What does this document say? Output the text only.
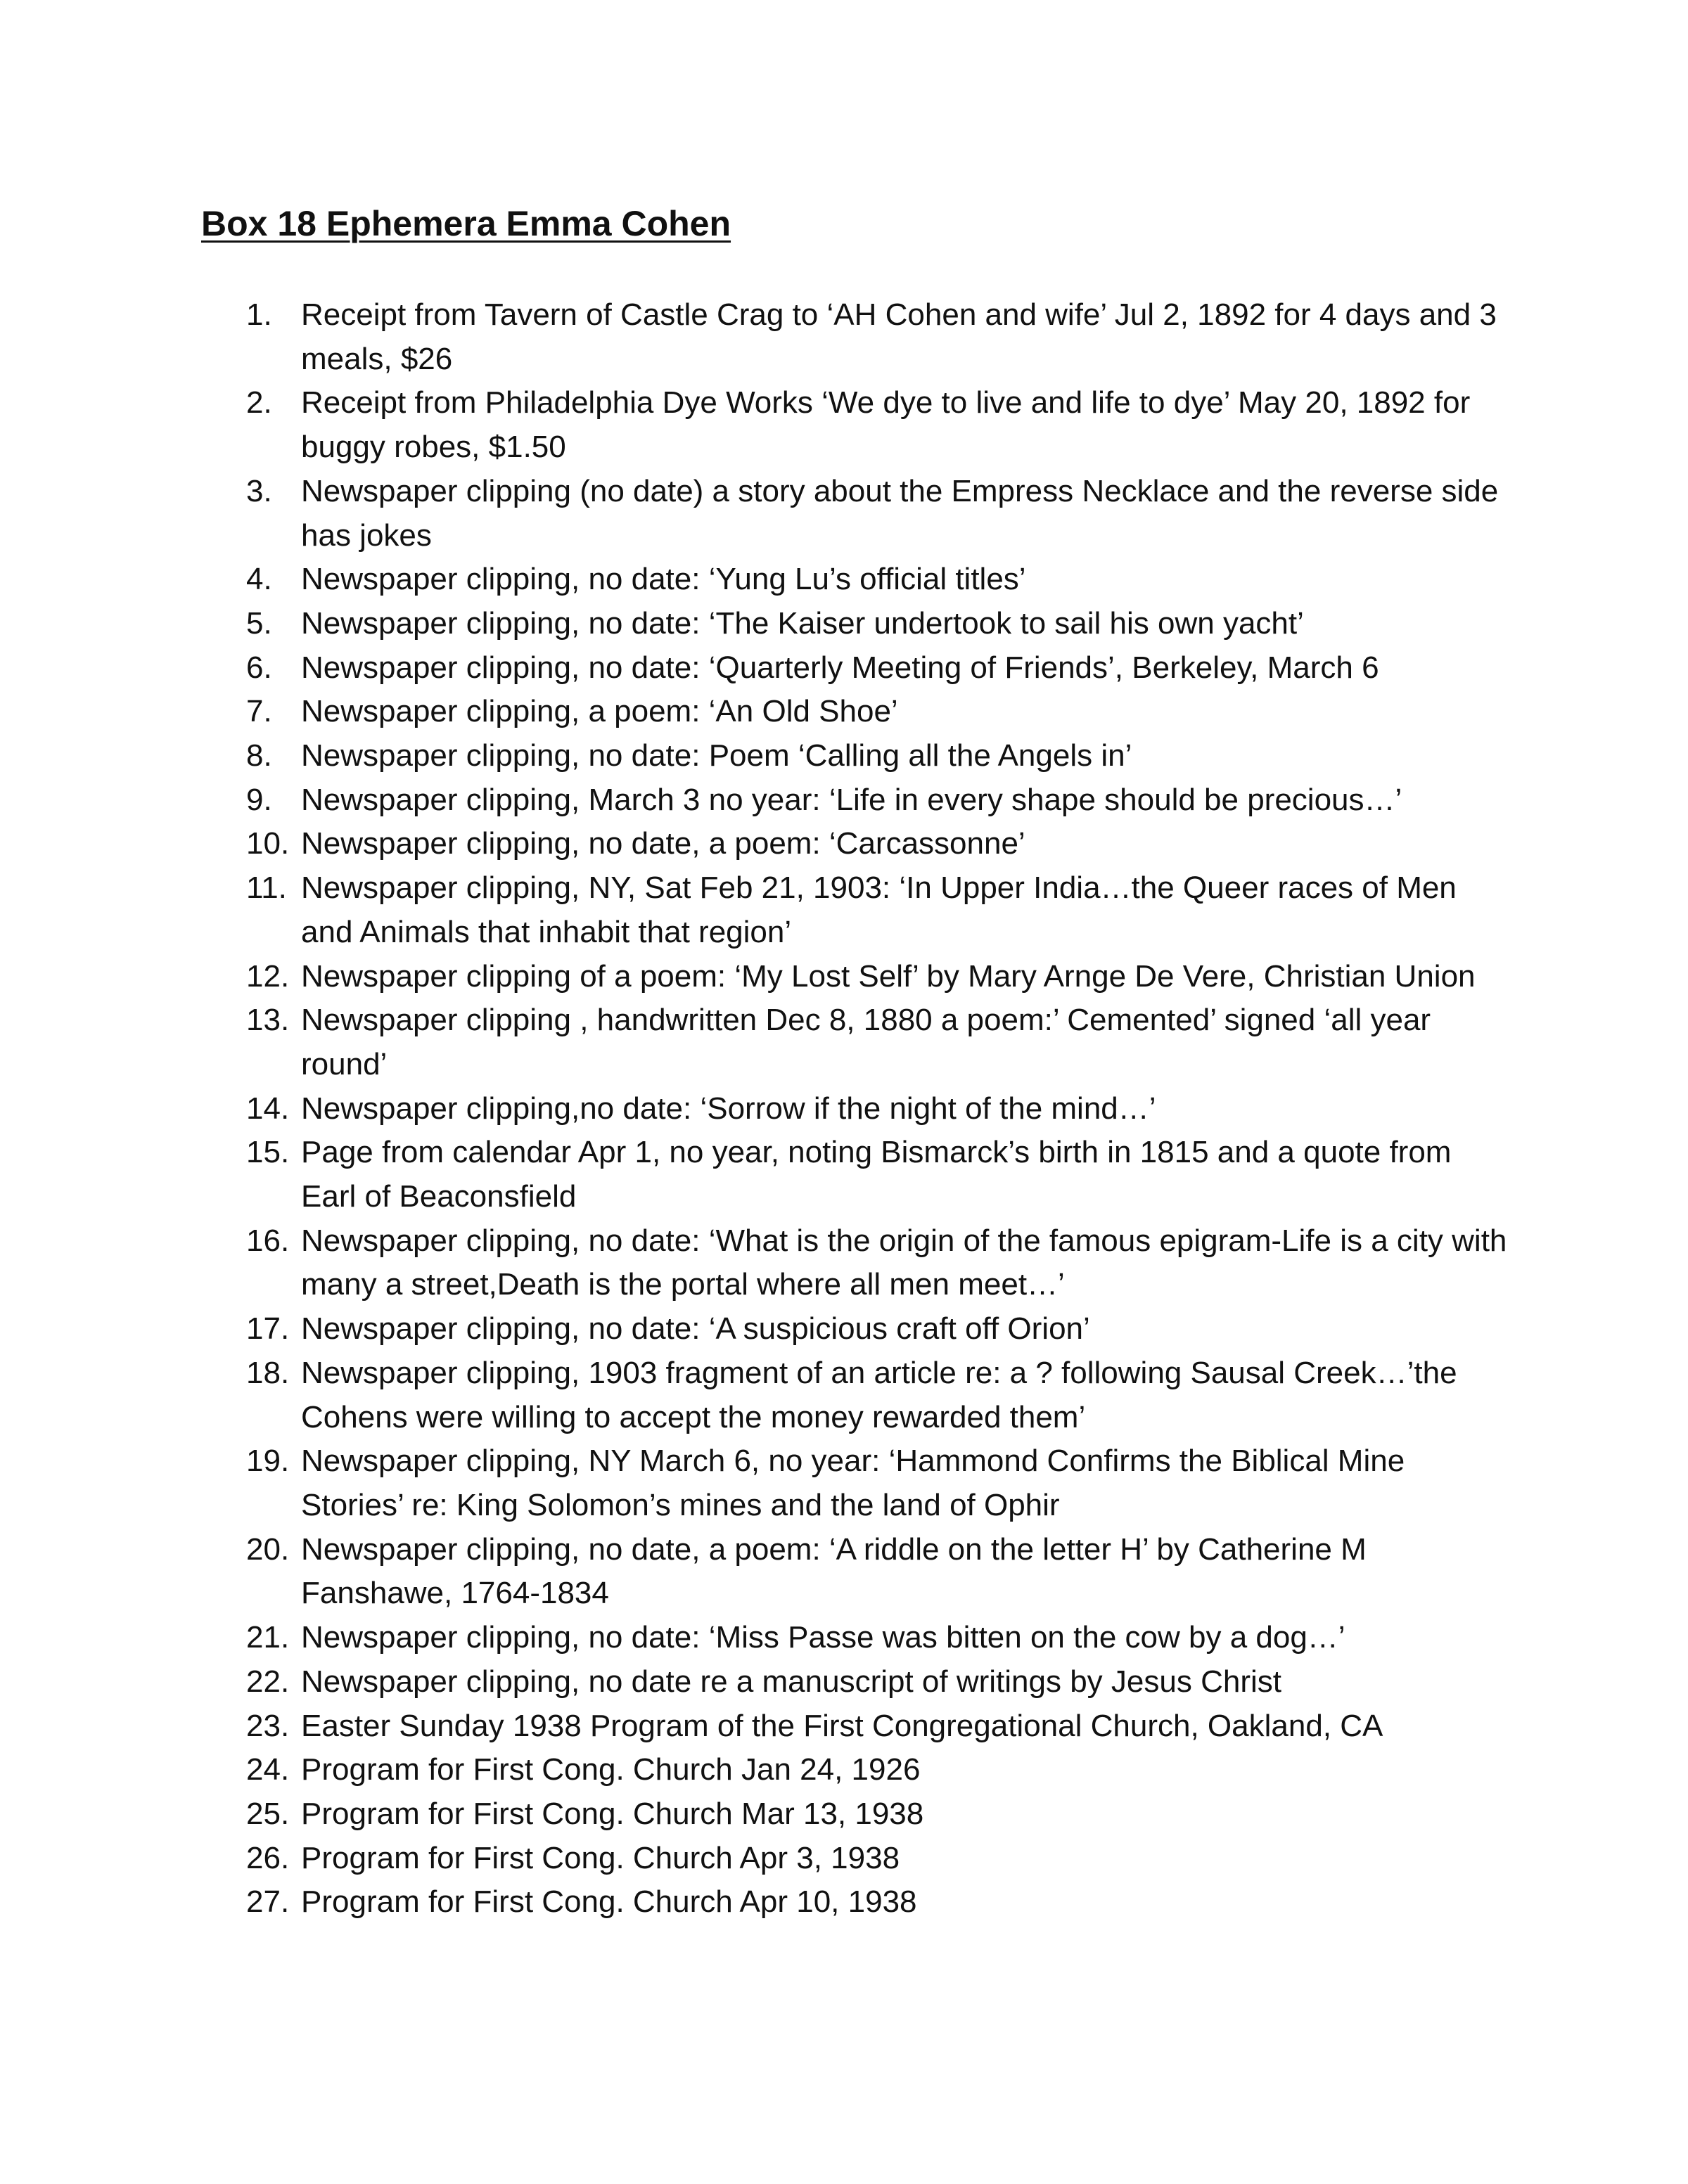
Box 18 Ephemera Emma Cohen
1. Receipt from Tavern of Castle Crag to ‘AH Cohen and wife’ Jul 2, 1892 for 4 days and 3 meals, $26
2. Receipt from Philadelphia Dye Works ‘We dye to live and life to dye’ May 20, 1892 for buggy robes, $1.50
3. Newspaper clipping (no date) a story about the Empress Necklace and the reverse side has jokes
4. Newspaper clipping, no date: ‘Yung Lu’s official titles’
5. Newspaper clipping, no date: ‘The Kaiser undertook to sail his own yacht’
6. Newspaper clipping, no date: ‘Quarterly Meeting of Friends’, Berkeley, March 6
7. Newspaper clipping, a poem: ‘An Old Shoe’
8. Newspaper clipping, no date: Poem ‘Calling all the Angels in’
9. Newspaper clipping, March 3 no year: ‘Life in every shape should be precious…’
10. Newspaper clipping, no date, a poem: ‘Carcassonne’
11. Newspaper clipping, NY, Sat Feb 21, 1903: ‘In Upper India…the Queer races of Men and Animals that inhabit that region’
12. Newspaper clipping of a poem: ‘My Lost Self’ by Mary Arnge De Vere, Christian Union
13. Newspaper clipping , handwritten Dec 8, 1880 a poem:’ Cemented’ signed ‘all year round’
14. Newspaper clipping,no date: ‘Sorrow if the night of the mind…’
15. Page from calendar Apr 1, no year, noting Bismarck’s birth in 1815 and a quote from Earl of Beaconsfield
16. Newspaper clipping, no date: ‘What is the origin of the famous epigram-Life is a city with many a street,Death is the portal where all men meet…’
17. Newspaper clipping, no date: ‘A suspicious craft off Orion’
18. Newspaper clipping, 1903 fragment of an article re: a ? following Sausal Creek…’the Cohens were willing to accept the money rewarded them’
19. Newspaper clipping, NY March 6, no year: ‘Hammond Confirms the Biblical Mine Stories’ re: King Solomon’s mines and the land of Ophir
20. Newspaper clipping, no date, a poem: ‘A riddle on the letter H’ by Catherine M Fanshawe, 1764-1834
21. Newspaper clipping, no date: ‘Miss Passe was bitten on the cow by a dog…’
22. Newspaper clipping, no date re a manuscript of writings by Jesus Christ
23. Easter Sunday 1938 Program of the First Congregational Church, Oakland, CA
24. Program for First Cong. Church Jan 24, 1926
25. Program for First Cong. Church Mar 13, 1938
26. Program for First Cong. Church Apr 3, 1938
27. Program for First Cong. Church Apr 10, 1938
